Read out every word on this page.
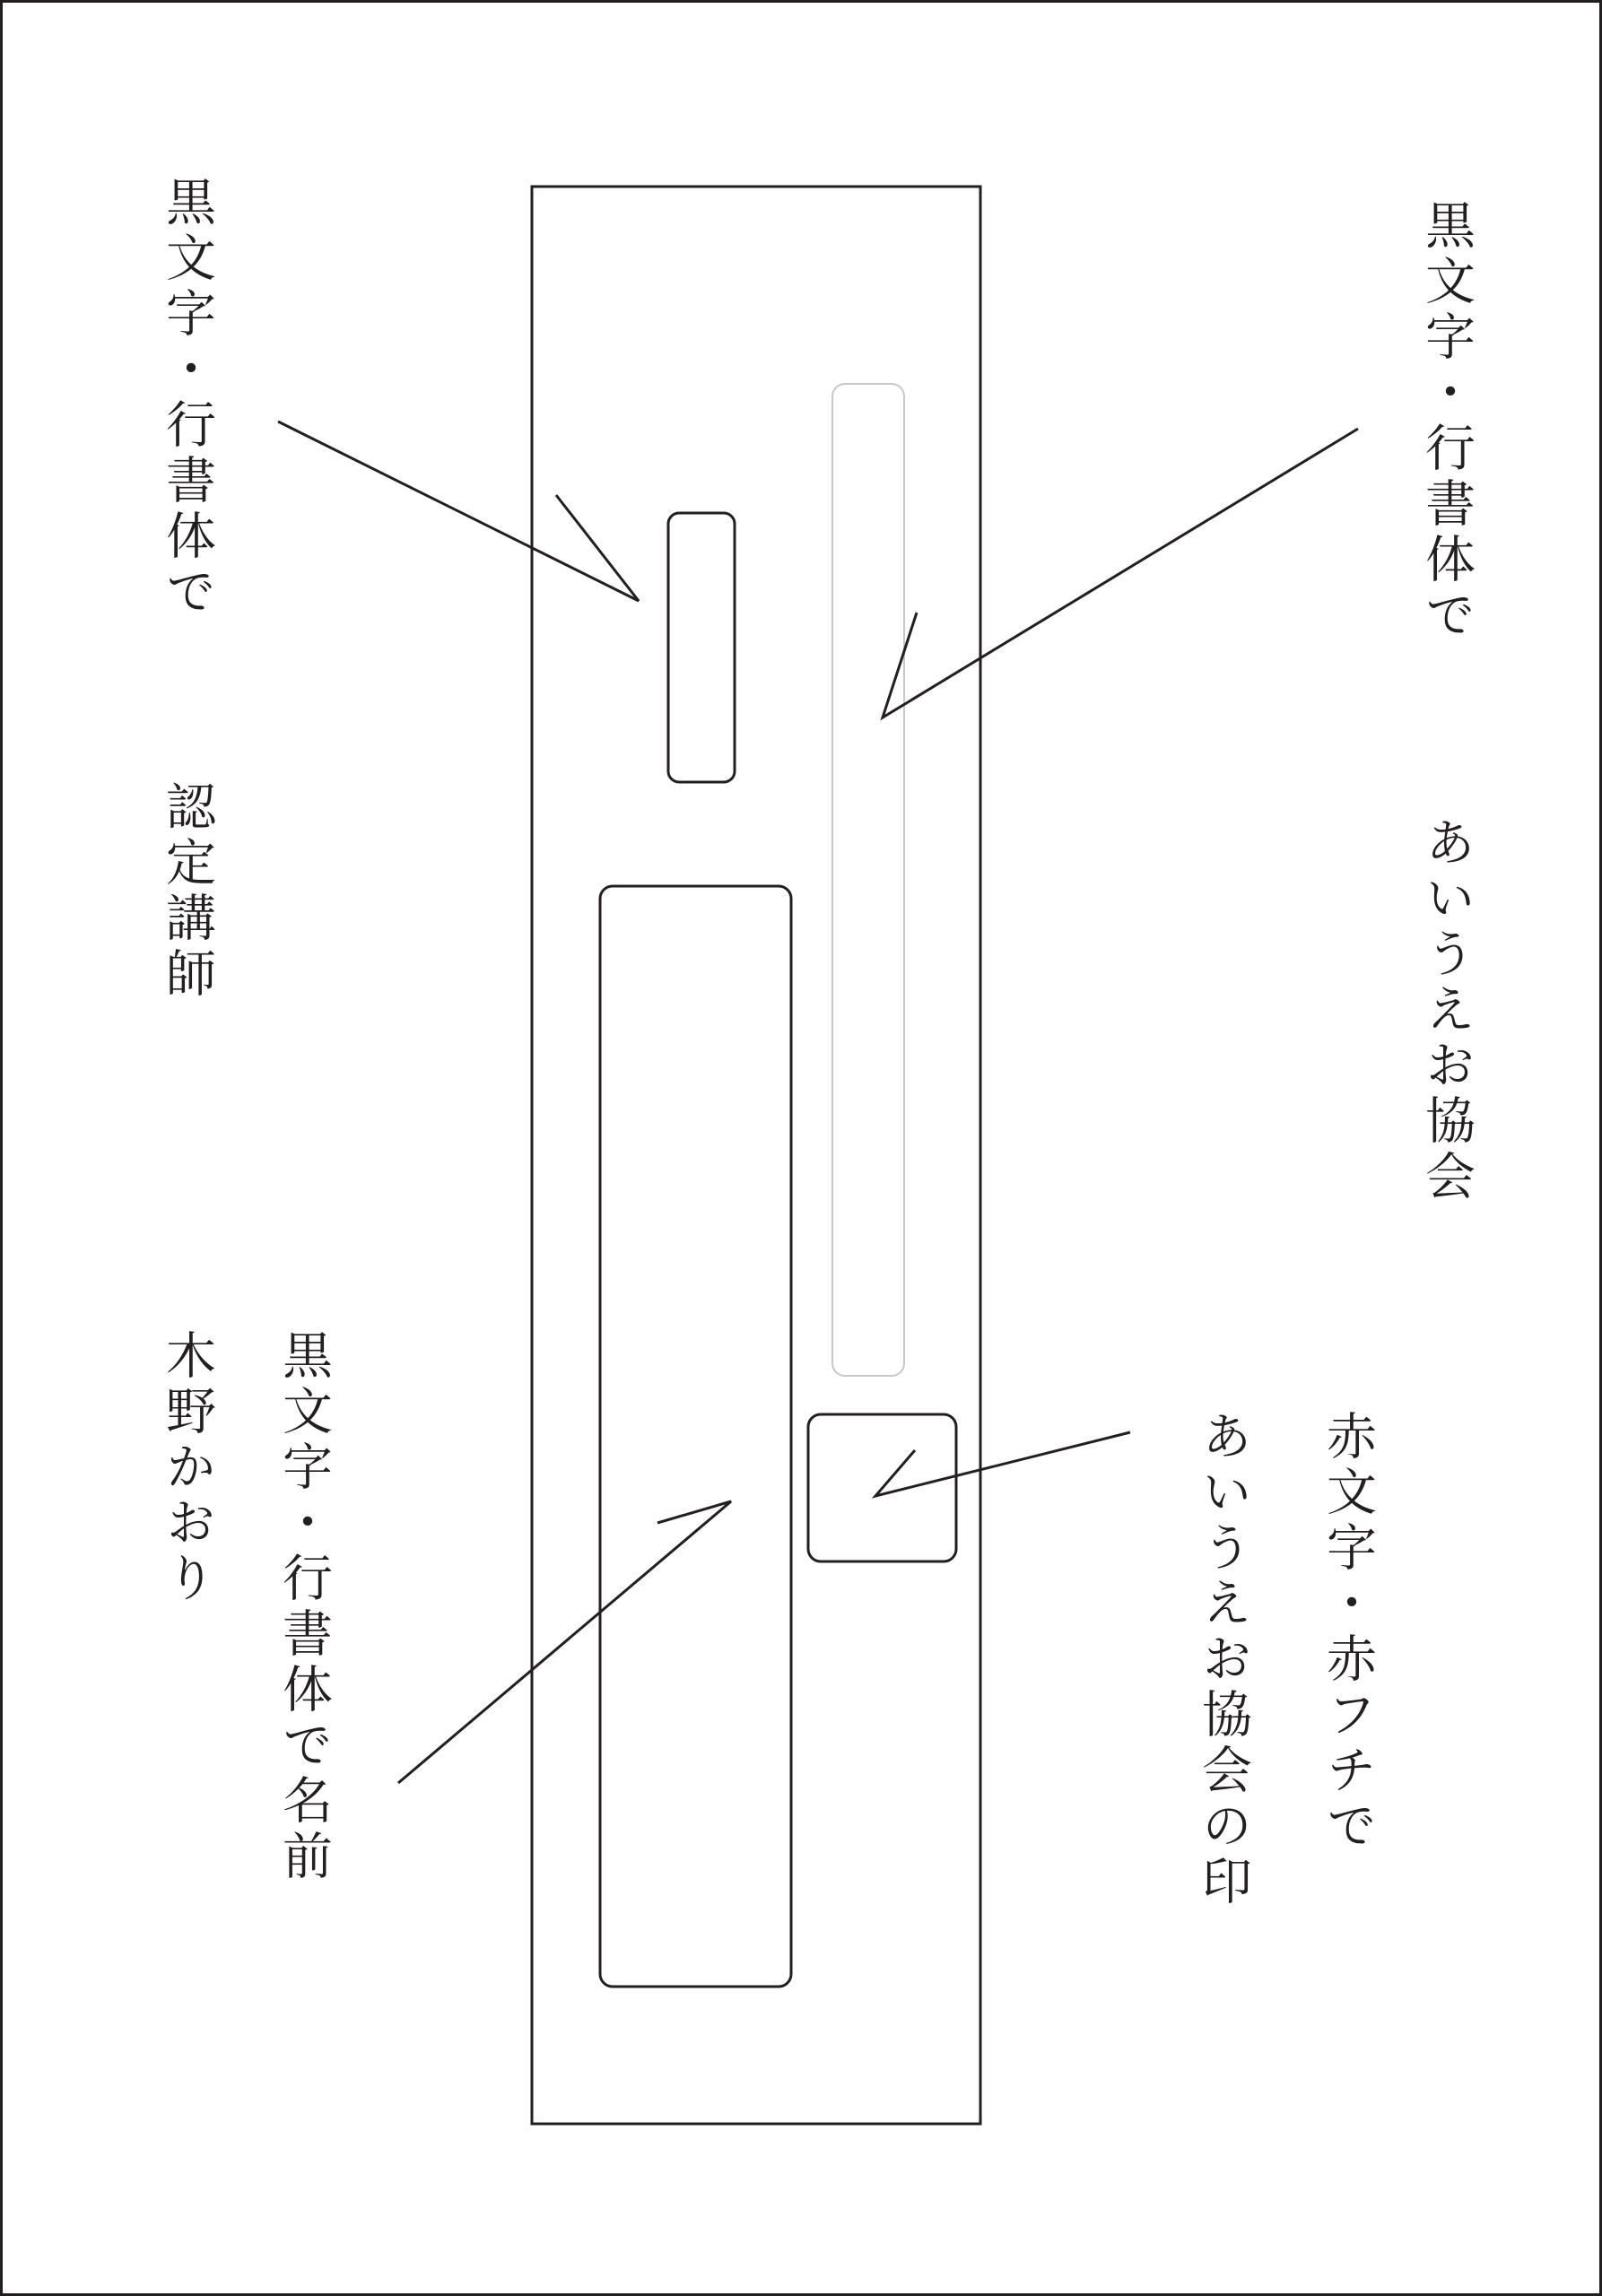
黒文字・行書体で
認定講師
黒文字・行書体で
あいうえお協会
木野かおり 黒文字・行書体で名前	赤文字・赤フチで
あいうえお協会の印
